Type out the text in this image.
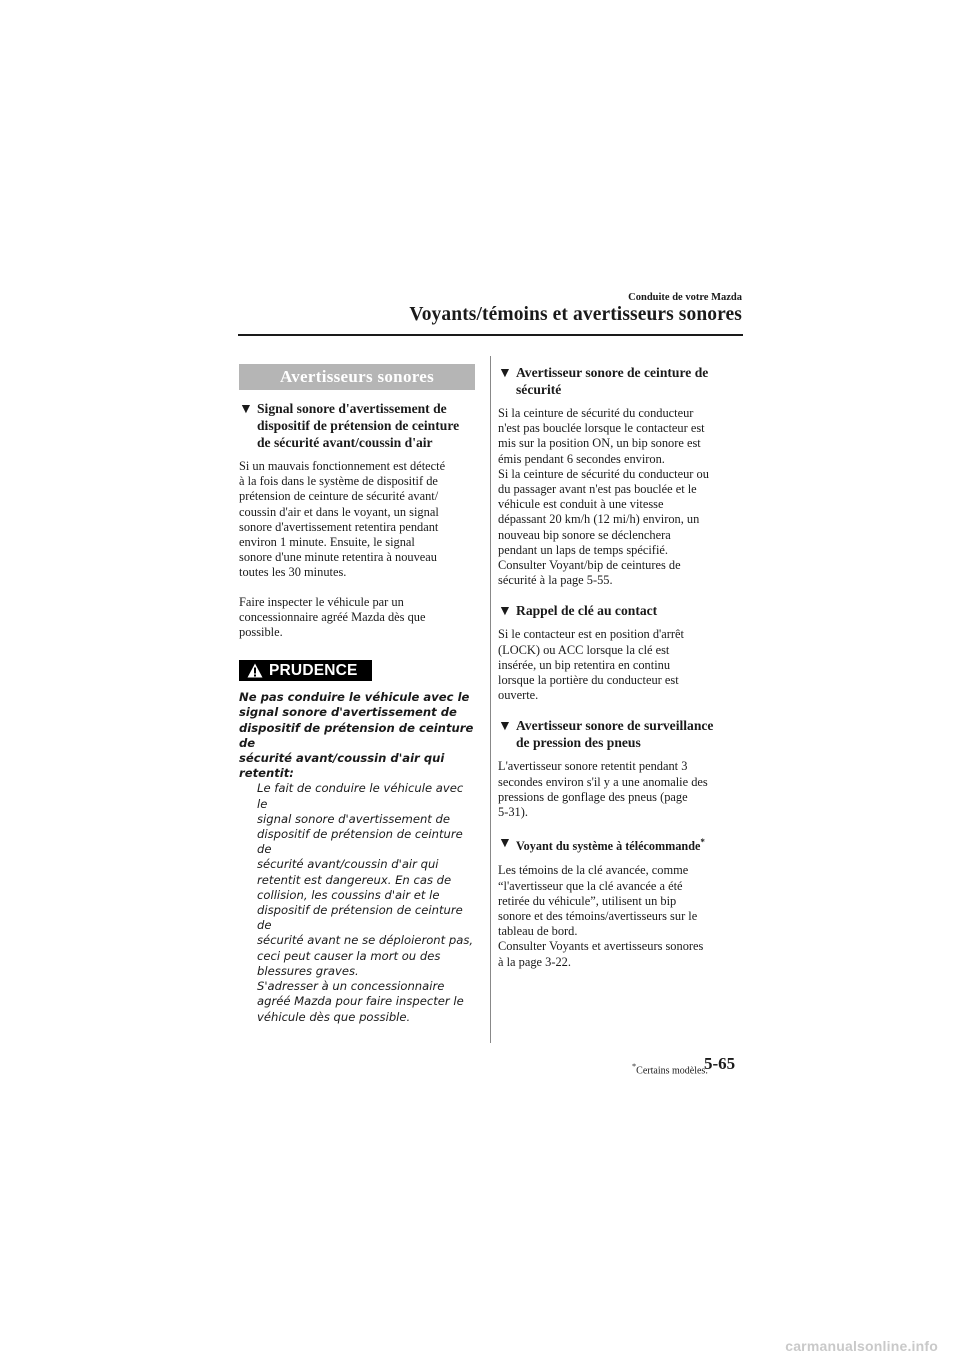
Conduite de votre Mazda
Voyants/témoins et avertisseurs sonores
Avertisseurs sonores
▼ Signal sonore d'avertissement de
dispositif de prétension de ceinture
de sécurité avant/coussin d'air

Si un mauvais fonctionnement est détecté
à la fois dans le système de dispositif de
prétension de ceinture de sécurité avant/
coussin d'air et dans le voyant, un signal
sonore d'avertissement retentira pendant
environ 1 minute. Ensuite, le signal
sonore d'une minute retentira à nouveau
toutes les 30 minutes.

Faire inspecter le véhicule par un
concessionnaire agréé Mazda dès que
possible.

PRUDENCE

Ne pas conduire le véhicule avec le
signal sonore d'avertissement de
dispositif de prétension de ceinture de
sécurité avant/coussin d'air qui retentit:

Le fait de conduire le véhicule avec le
signal sonore d'avertissement de
dispositif de prétension de ceinture de
sécurité avant/coussin d'air qui
retentit est dangereux. En cas de
collision, les coussins d'air et le
dispositif de prétension de ceinture de
sécurité avant ne se déploieront pas,
ceci peut causer la mort ou des
blessures graves.
S'adresser à un concessionnaire
agréé Mazda pour faire inspecter le
véhicule dès que possible.

▼ Avertisseur sonore de ceinture de
sécurité

Si la ceinture de sécurité du conducteur
n'est pas bouclée lorsque le contacteur est
mis sur la position ON, un bip sonore est
émis pendant 6 secondes environ.
Si la ceinture de sécurité du conducteur ou
du passager avant n'est pas bouclée et le
véhicule est conduit à une vitesse
dépassant 20 km/h (12 mi/h) environ, un
nouveau bip sonore se déclenchera
pendant un laps de temps spécifié.
Consulter Voyant/bip de ceintures de
sécurité à la page 5-55.

▼ Rappel de clé au contact

Si le contacteur est en position d'arrêt
(LOCK) ou ACC lorsque la clé est
insérée, un bip retentira en continu
lorsque la portière du conducteur est
ouverte.

▼ Avertisseur sonore de surveillance
de pression des pneus

L'avertisseur sonore retentit pendant 3
secondes environ s'il y a une anomalie des
pressions de gonflage des pneus (page
5-31).

▼ Voyant du système à télécommande*

Les témoins de la clé avancée, comme
“l'avertisseur que la clé avancée a été
retirée du véhicule”, utilisent un bip
sonore et des témoins/avertisseurs sur le
tableau de bord.
Consulter Voyants et avertisseurs sonores
à la page 3-22.

*Certains modèles.
5-65
carmanualsonline.info
